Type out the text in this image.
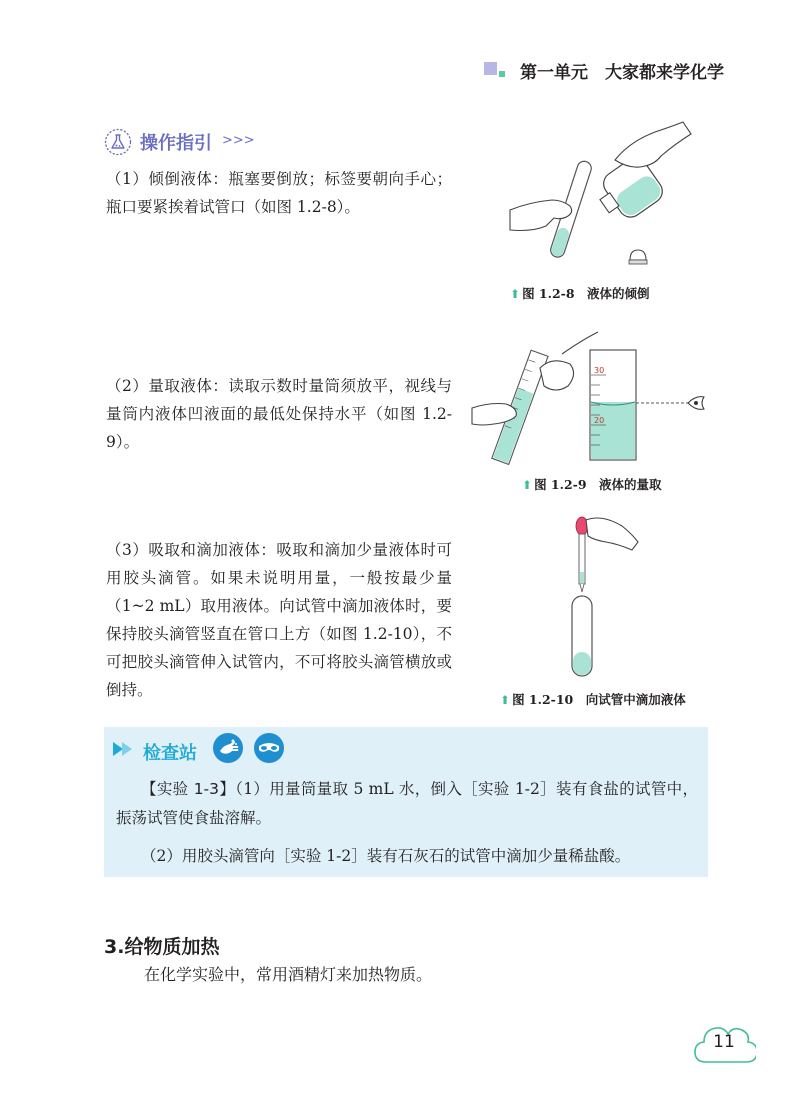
第一单元　大家都来学化学
操作指引 >>>
（1）倾倒液体：瓶塞要倒放；标签要朝向手心；瓶口要紧挨着试管口（如图 1.2-8）。
（2）量取液体：读取示数时量筒须放平，视线与量筒内液体凹液面的最低处保持水平（如图 1.2-9）。
（3）吸取和滴加液体：吸取和滴加少量液体时可用胶头滴管。如果未说明用量，一般按最少量（1~2 mL）取用液体。向试管中滴加液体时，要保持胶头滴管竖直在管口上方（如图 1.2-10），不可把胶头滴管伸入试管内，不可将胶头滴管横放或倒持。
⬆ 图 1.2-8　液体的倾倒
30
20
⬆ 图 1.2-9　液体的量取
⬆ 图 1.2-10　向试管中滴加液体
检查站
【实验 1-3】（1）用量筒量取 5 mL 水，倒入［实验 1-2］装有食盐的试管中，振荡试管使食盐溶解。
（2）用胶头滴管向［实验 1-2］装有石灰石的试管中滴加少量稀盐酸。
3.给物质加热
在化学实验中，常用酒精灯来加热物质。
11
